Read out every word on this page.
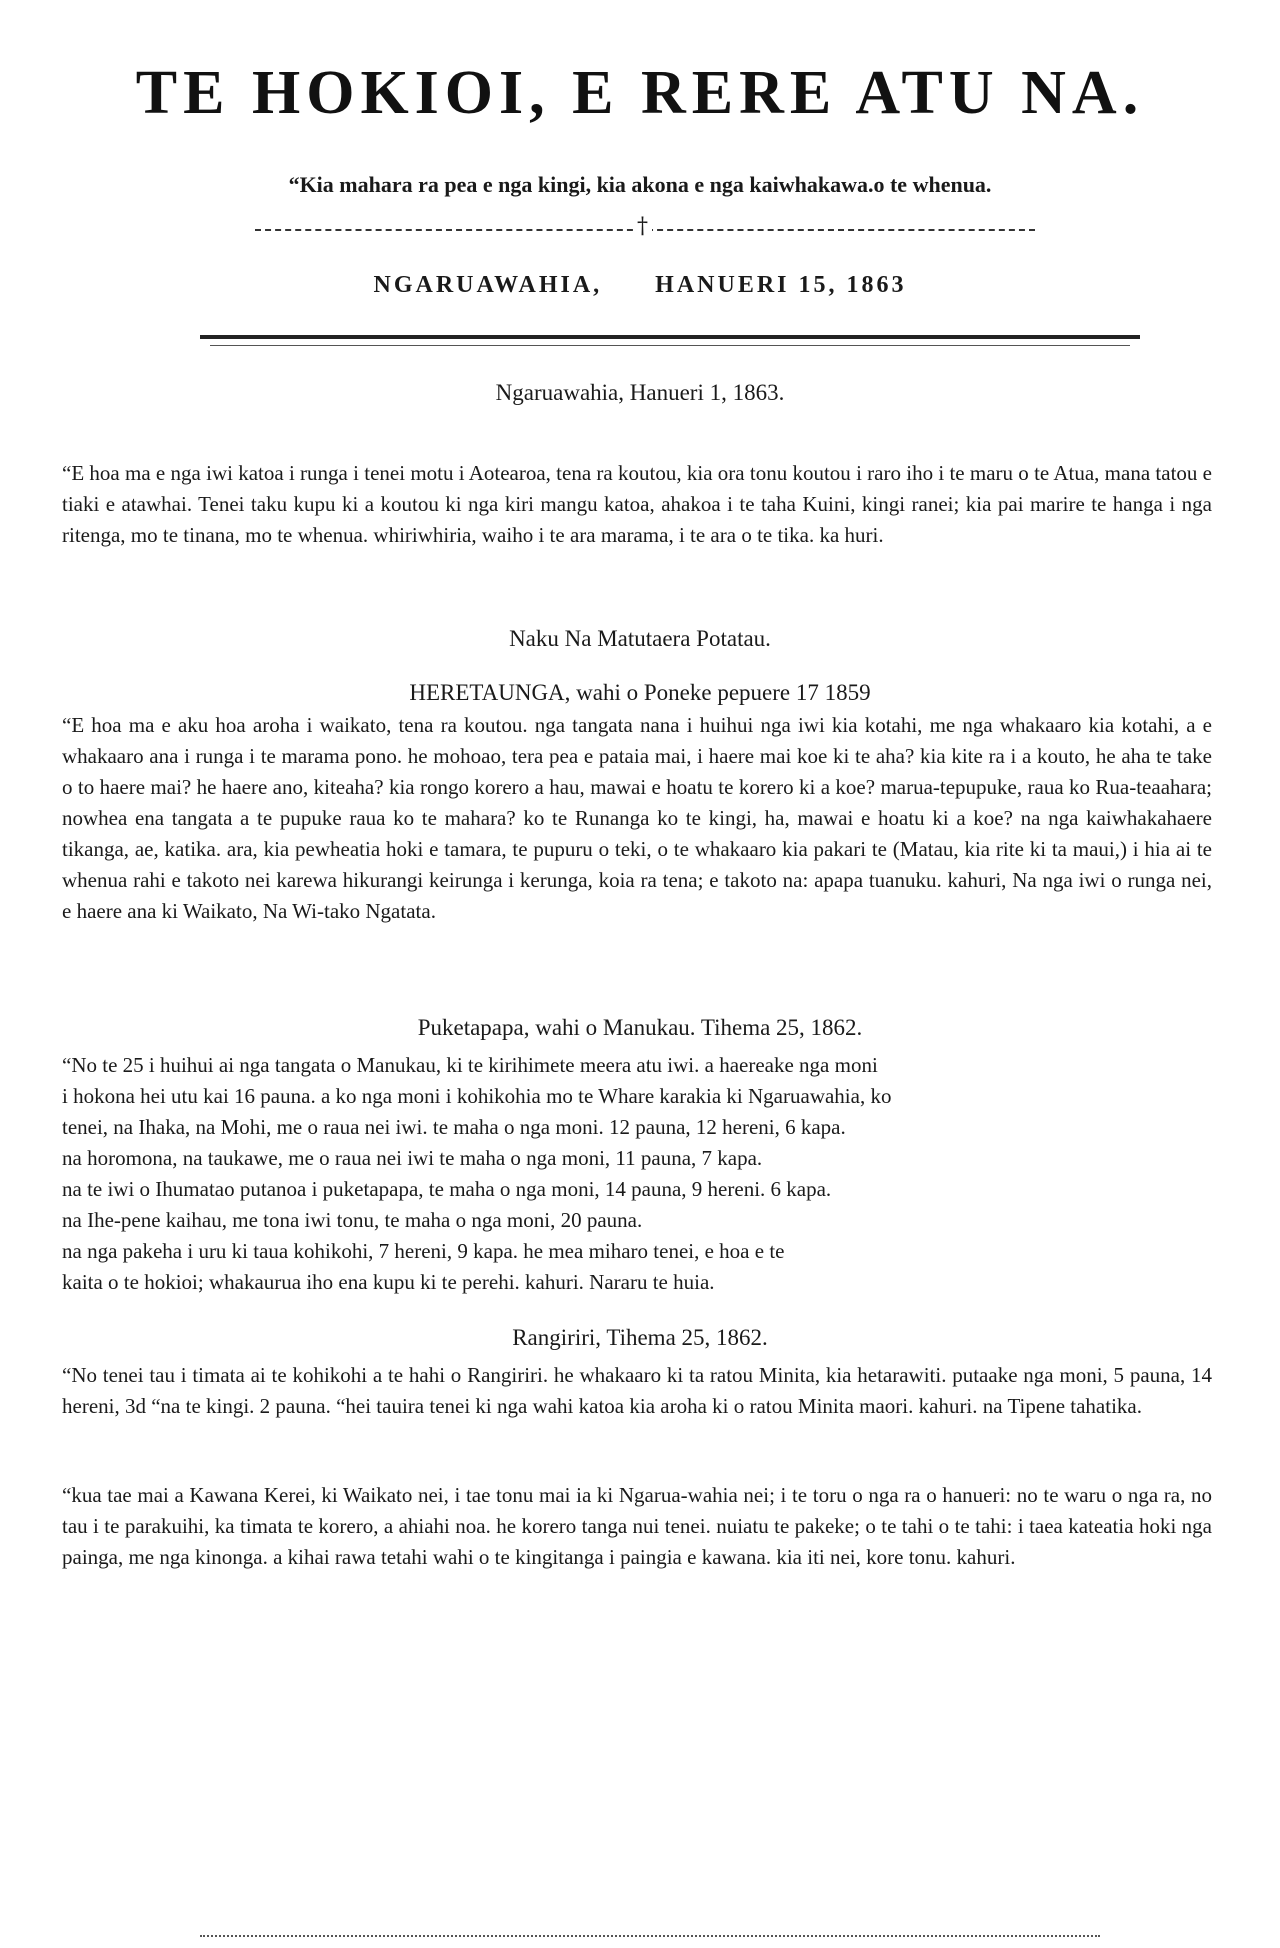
TE HOKIOI, E RERE ATU NA.
“Kia mahara ra pea e nga kingi, kia akona e nga kaiwhakawa.o te whenua.
†
NGARUAWAHIA, HANUERI 15, 1863
Ngaruawahia, Hanueri 1, 1863.
“E hoa ma e nga iwi katoa i runga i tenei motu i Aotearoa, tena ra koutou, kia ora tonu koutou i raro iho i te maru o te Atua, mana tatou e tiaki e atawhai. Tenei taku kupu ki a koutou ki nga kiri mangu katoa, ahakoa i te taha Kuini, kingi ranei; kia pai marire te hanga i nga ritenga, mo te tinana, mo te whenua. whiriwhiria, waiho i te ara marama, i te ara o te tika. ka huri.
Naku Na Matutaera Potatau.
HERETAUNGA, wahi o Poneke pepuere 17 1859
“E hoa ma e aku hoa aroha i waikato, tena ra koutou. nga tangata nana i huihui nga iwi kia kotahi, me nga whakaaro kia kotahi, a e whakaaro ana i runga i te marama pono. he mohoao, tera pea e pataia mai, i haere mai koe ki te aha? kia kite ra i a kouto, he aha te take o to haere mai? he haere ano, kiteaha? kia rongo korero a hau, mawai e hoatu te korero ki a koe? marua-tepupuke, raua ko Rua-teaahara; nowhea ena tangata a te pupuke raua ko te mahara? ko te Runanga ko te kingi, ha, mawai e hoatu ki a koe? na nga kaiwhakahaere tikanga, ae, katika. ara, kia pewheatia hoki e tamara, te pupuru o teki, o te whakaaro kia pakari te (Matau, kia rite ki ta maui,) i hia ai te whenua rahi e takoto nei karewa hikurangi keirunga i kerunga, koia ra tena; e takoto na: apapa tuanuku. kahuri, Na nga iwi o runga nei, e haere ana ki Waikato, Na Wi-tako Ngatata.
Puketapapa, wahi o Manukau. Tihema 25, 1862.

“No te 25 i huihui ai nga tangata o Manukau, ki te kirihimete meera atu iwi. a haereake nga moni

i hokona hei utu kai 16 pauna. a ko nga moni i kohikohia mo te Whare karakia ki Ngaruawahia, ko

tenei, na Ihaka, na Mohi, me o raua nei iwi. te maha o nga moni. 12 pauna, 12 hereni, 6 kapa.

na horomona, na taukawe, me o raua nei iwi te maha o nga moni, 11 pauna, 7 kapa.

na te iwi o Ihumatao putanoa i puketapapa, te maha o nga moni, 14 pauna, 9 hereni. 6 kapa.

na Ihe-pene kaihau, me tona iwi tonu, te maha o nga moni, 20 pauna.

na nga pakeha i uru ki taua kohikohi, 7 hereni, 9 kapa. he mea miharo tenei, e hoa e te

kaita o te hokioi; whakaurua iho ena kupu ki te perehi. kahuri. Nararu te huia.

Rangiriri, Tihema 25, 1862.
“No tenei tau i timata ai te kohikohi a te hahi o Rangiriri. he whakaaro ki ta ratou Minita, kia hetarawiti. putaake nga moni, 5 pauna, 14 hereni, 3d “na te kingi. 2 pauna. “hei tauira tenei ki nga wahi katoa kia aroha ki o ratou Minita maori. kahuri. na Tipene tahatika.
“kua tae mai a Kawana Kerei, ki Waikato nei, i tae tonu mai ia ki Ngarua-wahia nei; i te toru o nga ra o hanueri: no te waru o nga ra, no tau i te parakuihi, ka timata te korero, a ahiahi noa. he korero tanga nui tenei. nuiatu te pakeke; o te tahi o te tahi: i taea kateatia hoki nga painga, me nga kinonga. a kihai rawa tetahi wahi o te kingitanga i paingia e kawana. kia iti nei, kore tonu. kahuri.
